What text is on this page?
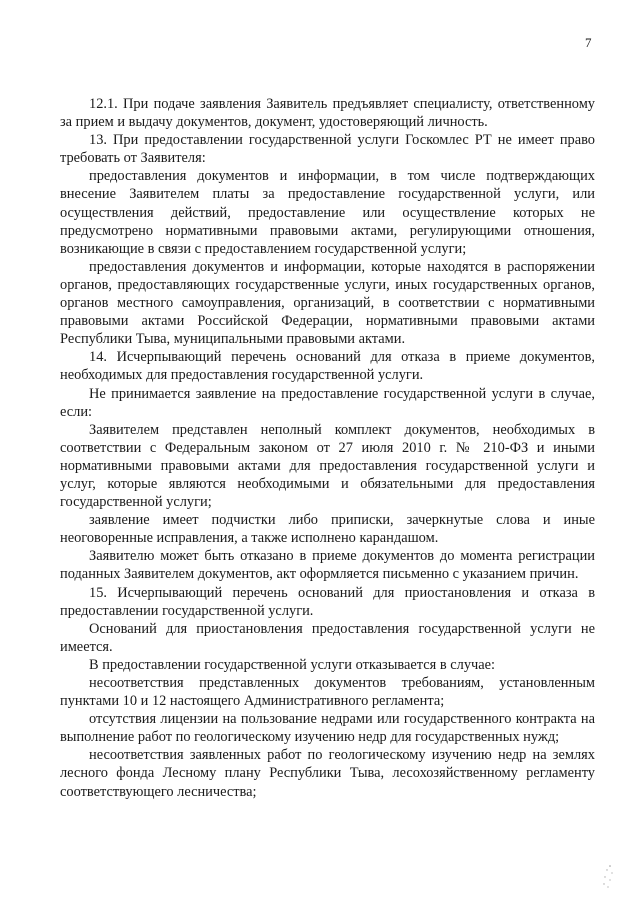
7

12.1. При подаче заявления Заявитель предъявляет специалисту, ответственному за прием и выдачу документов, документ, удостоверяющий личность.

13. При предоставлении государственной услуги Госкомлес РТ не имеет право требовать от Заявителя:

предоставления документов и информации, в том числе подтверждающих внесение Заявителем платы за предоставление государственной услуги, или осуществления действий, предоставление или осуществление которых не предусмотрено нормативными правовыми актами, регулирующими отношения, возникающие в связи с предоставлением государственной услуги;

предоставления документов и информации, которые находятся в распоряжении органов, предоставляющих государственные услуги, иных государственных органов, органов местного самоуправления, организаций, в соответствии с нормативными правовыми актами Российской Федерации, нормативными правовыми актами Республики Тыва, муниципальными правовыми актами.

14. Исчерпывающий перечень оснований для отказа в приеме документов, необходимых для предоставления государственной услуги.

Не принимается заявление на предоставление государственной услуги в случае, если:

Заявителем представлен неполный комплект документов, необходимых в соответствии с Федеральным законом от 27 июля 2010 г. № 210-ФЗ и иными нормативными правовыми актами для предоставления государственной услуги и услуг, которые являются необходимыми и обязательными для предоставления государственной услуги;

заявление имеет подчистки либо приписки, зачеркнутые слова и иные неоговоренные исправления, а также исполнено карандашом.

Заявителю может быть отказано в приеме документов до момента регистрации поданных Заявителем документов, акт оформляется письменно с указанием причин.

15. Исчерпывающий перечень оснований для приостановления и отказа в предоставлении государственной услуги.

Оснований для приостановления предоставления государственной услуги не имеется.

В предоставлении государственной услуги отказывается в случае:

несоответствия представленных документов требованиям, установленным пунктами 10 и 12 настоящего Административного регламента;

отсутствия лицензии на пользование недрами или государственного контракта на выполнение работ по геологическому изучению недр для государственных нужд;

несоответствия заявленных работ по геологическому изучению недр на землях лесного фонда Лесному плану Республики Тыва, лесохозяйственному регламенту соответствующего лесничества;
